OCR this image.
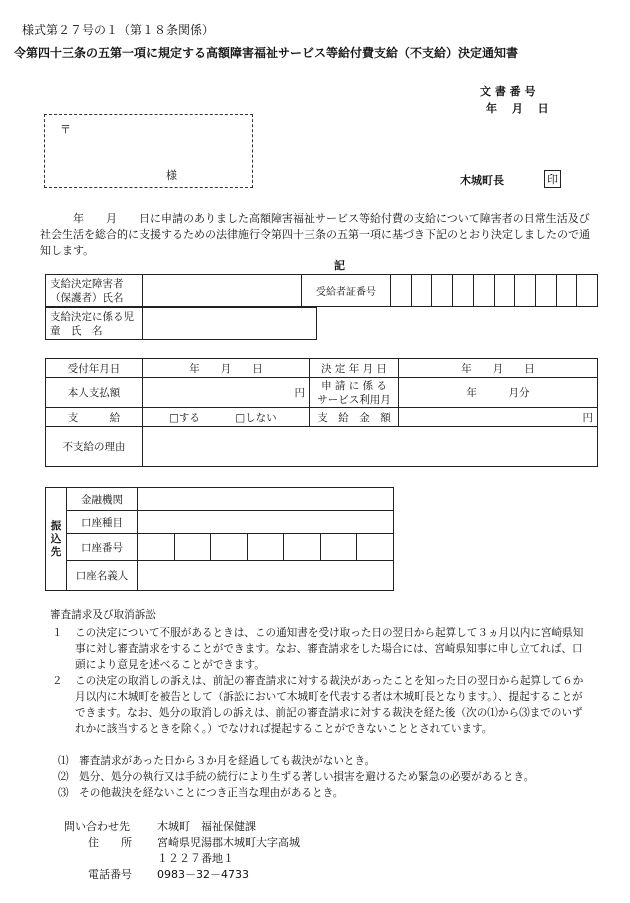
様式第２７号の１（第１８条関係）
令第四十三条の五第一項に規定する高額障害福祉サービス等給付費支給（不支給）決定通知書
文 書 番 号
年　 月 　日
〒
様	木城町長	印
　　　年　　月　　日に申請のありました高額障害福祉サービス等給付費の支給について障害者の日常生活及び社会生活を総合的に支援するための法律施行令第四十三条の五第一項に基づき下記のとおり決定しましたので通知します。
記
支給決定障害者（保護者）氏名		受給者証番号	
支給決定に係る児　童　氏　名	
受付年月日	年　　月　　日	決 定 年 月 日	年　　月　　日
本人支払額	円	申 請 に 係 る
サービス利用月	年　　　月分
支　　　給	□する □しない	支　給　金　額	円
不支給の理由			
振込先	金融機関	
	口座種目	
	口座番号	

	口座名義人	
審査請求及び取消訴訟
１ この決定について不服があるときは、この通知書を受け取った日の翌日から起算して３ヵ月以内に宮崎県知事に対し審査請求をすることができます。なお、審査請求をした場合には、宮崎県知事に申し立てれば、口頭により意見を述べることができます。
２ この決定の取消しの訴えは、前記の審査請求に対する裁決があったことを知った日の翌日から起算して６か月以内に木城町を被告として（訴訟において木城町を代表する者は木城町長となります。）、提起することができます。なお、処分の取消しの訴えは、前記の審査請求に対する裁決を経た後（次の⑴から⑶までのいずれかに該当するときを除く。）でなければ提起することができないこととされています。
⑴　審査請求があった日から３か月を経過しても裁決がないとき。
⑵　処分、処分の執行又は手続の続行により生ずる著しい損害を避けるため緊急の必要があるとき。
⑶　その他裁決を経ないことにつき正当な理由があるとき。
問い合わせ先 木城町　福祉保健課
住　　所 宮崎県児湯郡木城町大字高城
１２２７番地１
電話番号 0983－32－4733
